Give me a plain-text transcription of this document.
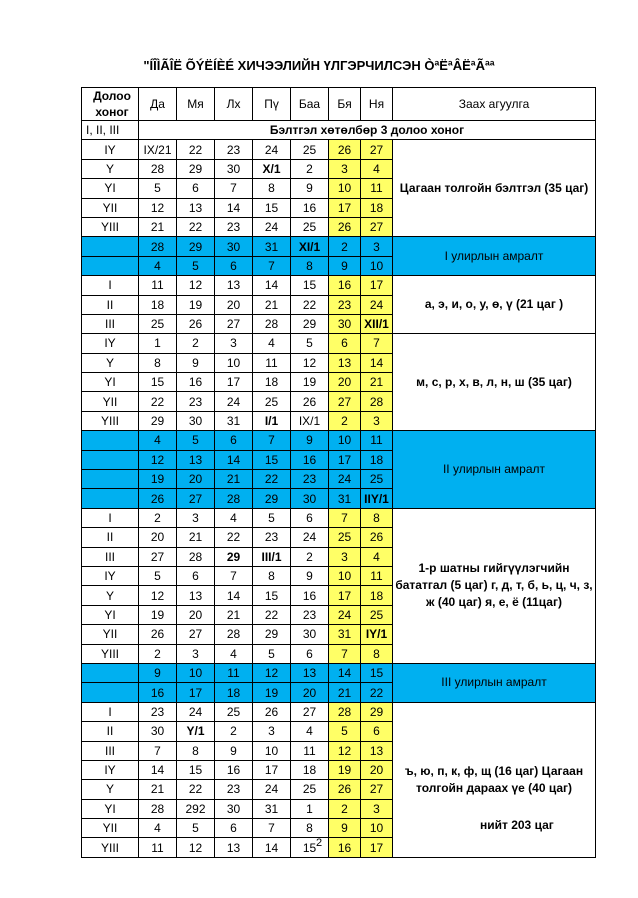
"ÍÎÌÃÎË ÕÝËÍÈÉ ХИЧЭЭЛИЙН ҮЛГЭРЧИЛСЭН ÒªËªÂËªÃªª
Долоо хоног	Да	Мя	Лх	Пү	Баа	Бя	Ня	Заах агуулга
I, II, III	Бэлтгэл хөтөлбөр 3 долоо хоног							
IY	IX/21	22	23	24	25	26	27	Цагаан толгойн бэлтгэл (35 цаг)
Y	28	29	30	X/1	2	3	4	
YI	5	6	7	8	9	10	11	
YII	12	13	14	15	16	17	18	
YIII	21	22	23	24	25	26	27	
	28	29	30	31	XI/1	2	3	I улирлын амралт
	4	5	6	7	8	9	10	
I	11	12	13	14	15	16	17	а, э, и, о, у, ө, ү (21 цаг )
II	18	19	20	21	22	23	24	
III	25	26	27	28	29	30	XII/1	
IY	1	2	3	4	5	6	7	м, с, р, х, в, л, н, ш (35 цаг)
Y	8	9	10	11	12	13	14	
YI	15	16	17	18	19	20	21	
YII	22	23	24	25	26	27	28	
YIII	29	30	31	I/1	IX/1	2	3	
	4	5	6	7	9	10	11	II улирлын амралт
	12	13	14	15	16	17	18	
	19	20	21	22	23	24	25	
	26	27	28	29	30	31	IIY/1	
I	2	3	4	5	6	7	8	1-р шатны гийгүүлэгчийн бататгал (5 цаг) г, д, т, б, ь, ц, ч, з, ж (40 цаг) я, е, ё (11цаг)
II	20	21	22	23	24	25	26	
III	27	28	29	III/1	2	3	4	
IY	5	6	7	8	9	10	11	
Y	12	13	14	15	16	17	18	
YI	19	20	21	22	23	24	25	
YII	26	27	28	29	30	31	IY/1	
YIII	2	3	4	5	6	7	8	
	9	10	11	12	13	14	15	III улирлын амралт
	16	17	18	19	20	21	22	
I	23	24	25	26	27	28	29	ъ, ю, п, к, ф, щ (16 цаг) Цагаан толгойн дараах үе (40 цаг)
II	30	Y/1	2	3	4	5	6	
III	7	8	9	10	11	12	13	
IY	14	15	16	17	18	19	20	
Y	21	22	23	24	25	26	27	
YI	28	292	30	31	1	2	3	
YII	4	5	6	7	8	9	10	
YIII	11	12	13	14	15	16	17	
нийт 203 цаг
2
